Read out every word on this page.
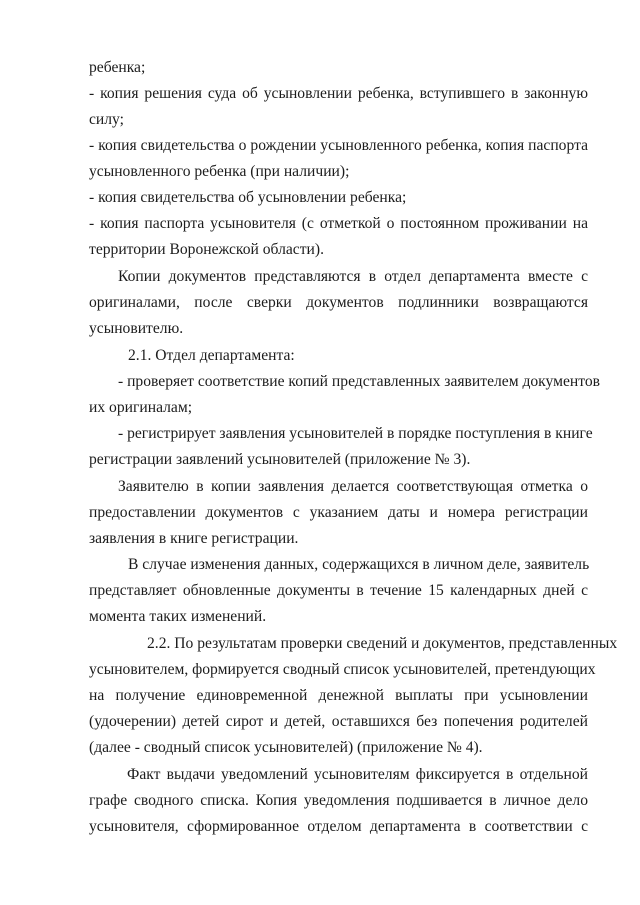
ребенка;
- копия решения суда об усыновлении ребенка, вступившего в законную
силу;
- копия свидетельства о рождении усыновленного ребенка, копия паспорта
усыновленного ребенка (при наличии);
- копия свидетельства об усыновлении ребенка;
- копия паспорта усыновителя (с отметкой о постоянном проживании на
территории Воронежской области).
Копии документов представляются в отдел департамента вместе с
оригиналами, после сверки документов подлинники возвращаются
усыновителю.
2.1. Отдел департамента:
- проверяет соответствие копий представленных заявителем документов
их оригиналам;
- регистрирует заявления усыновителей в порядке поступления в книге
регистрации заявлений усыновителей (приложение № 3).
Заявителю в копии заявления делается соответствующая отметка о
предоставлении документов с указанием даты и номера регистрации
заявления в книге регистрации.
В случае изменения данных, содержащихся в личном деле, заявитель
представляет обновленные документы в течение 15 календарных дней с
момента таких изменений.
2.2. По результатам проверки сведений и документов, представленных
усыновителем, формируется сводный список усыновителей, претендующих
на получение единовременной денежной выплаты при усыновлении
(удочерении) детей сирот и детей, оставшихся без попечения родителей
(далее - сводный список усыновителей) (приложение № 4).
Факт выдачи уведомлений усыновителям фиксируется в отдельной
графе сводного списка. Копия уведомления подшивается в личное дело
усыновителя, сформированное отделом департамента в соответствии с
